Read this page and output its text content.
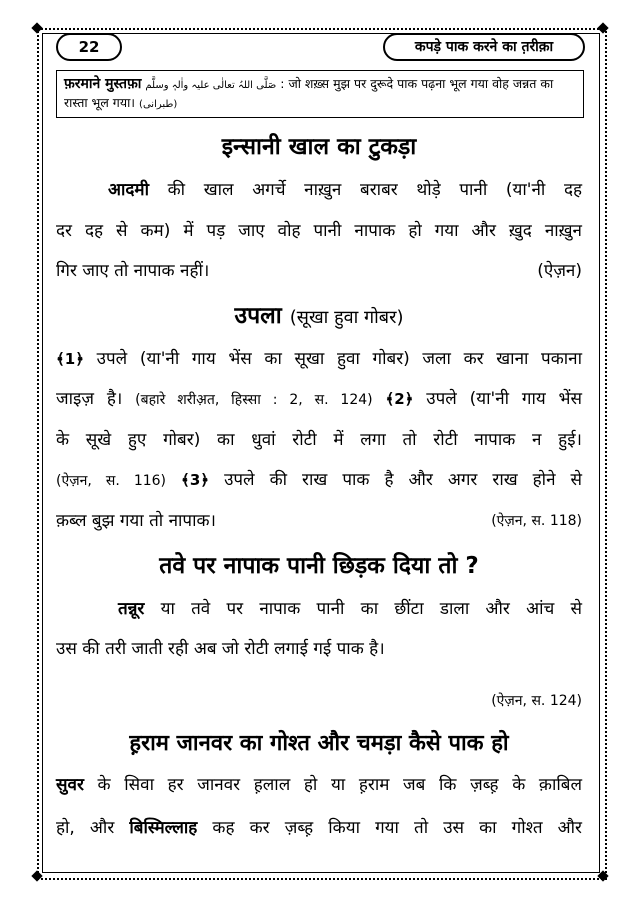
22	कपड़े पाक करने का त़रीक़ा
फ़रमाने मुस्तफ़ा صَلَّی اللہُ تعالٰی علیہ واٰلہٖ وسلَّم : जो शख़्स मुझ पर दुरूदे पाक पढ़ना भूल गया वोह जन्नत का
रास्ता भूल गया। (طبرانی)
इन्सानी खाल का टुकड़ा
आदमी की खाल अगर्चे नाख़ुन बराबर थोड़े पानी (या'नी दह
दर दह से कम) में पड़ जाए वोह पानी नापाक हो गया और ख़ुद नाख़ुन
गिर जाए तो नापाक नहीं।	(ऐज़न)
उपला (सूखा हुवा गोबर)
﴾1﴿ उपले (या'नी गाय भेंस का सूखा हुवा गोबर) जला कर खाना पकाना
जाइज़ है। (बहारे शरीअ़त, हिस्सा : 2, स. 124) ﴾2﴿ उपले (या'नी गाय भेंस
के सूखे हुए गोबर) का धुवां रोटी में लगा तो रोटी नापाक न हुई।
(ऐज़न, स. 116) ﴾3﴿ उपले की राख पाक है और अगर राख होने से
क़ब्ल बुझ गया तो नापाक।	(ऐज़न, स. 118)
तवे पर नापाक पानी छिड़क दिया तो ?
तन्नूर या तवे पर नापाक पानी का छींटा डाला और आंच से
उस की तरी जाती रही अब जो रोटी लगाई गई पाक है।
(ऐज़न, स. 124)
ह़राम जानवर का गोश्त और चमड़ा कैसे पाक हो
सुवर के सिवा हर जानवर ह़लाल हो या ह़राम जब कि ज़ब्ह़ के क़ाबिल
हो, और बिस्मिल्लाह कह कर ज़ब्ह़ किया गया तो उस का गोश्त और
